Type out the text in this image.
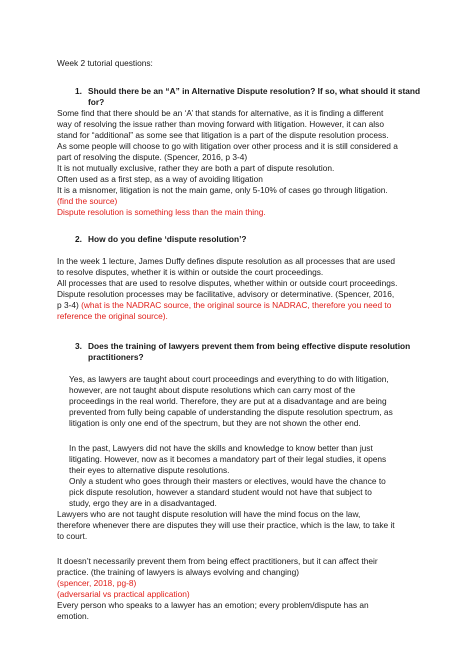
Week 2 tutorial questions:
1. Should there be an “A” in Alternative Dispute resolution? If so, what should it stand
for?
Some find that there should be an ‘A’ that stands for alternative, as it is finding a different
way of resolving the issue rather than moving forward with litigation. However, it can also
stand for “additional” as some see that litigation is a part of the dispute resolution process.
As some people will choose to go with litigation over other process and it is still considered a
part of resolving the dispute. (Spencer, 2016, p 3-4)
It is not mutually exclusive, rather they are both a part of dispute resolution.
Often used as a first step, as a way of avoiding litigation
It is a misnomer, litigation is not the main game, only 5-10% of cases go through litigation.
(find the source)
Dispute resolution is something less than the main thing.
2. How do you define ‘dispute resolution’?
In the week 1 lecture, James Duffy defines dispute resolution as all processes that are used
to resolve disputes, whether it is within or outside the court proceedings.
All processes that are used to resolve disputes, whether within or outside court proceedings.
Dispute resolution processes may be facilitative, advisory or determinative. (Spencer, 2016,
p 3-4) (what is the NADRAC source, the original source is NADRAC, therefore you need to
reference the original source).
3. Does the training of lawyers prevent them from being effective dispute resolution
practitioners?
Yes, as lawyers are taught about court proceedings and everything to do with litigation,
however, are not taught about dispute resolutions which can carry most of the
proceedings in the real world. Therefore, they are put at a disadvantage and are being
prevented from fully being capable of understanding the dispute resolution spectrum, as
litigation is only one end of the spectrum, but they are not shown the other end.
In the past, Lawyers did not have the skills and knowledge to know better than just
litigating. However, now as it becomes a mandatory part of their legal studies, it opens
their eyes to alternative dispute resolutions.
Only a student who goes through their masters or electives, would have the chance to
pick dispute resolution, however a standard student would not have that subject to
study, ergo they are in a disadvantaged.
Lawyers who are not taught dispute resolution will have the mind focus on the law,
therefore whenever there are disputes they will use their practice, which is the law, to take it
to court.
It doesn’t necessarily prevent them from being effect practitioners, but it can affect their
practice. (the training of lawyers is always evolving and changing)
(spencer, 2018, pg-8)
(adversarial vs practical application)
Every person who speaks to a lawyer has an emotion; every problem/dispute has an
emotion.
